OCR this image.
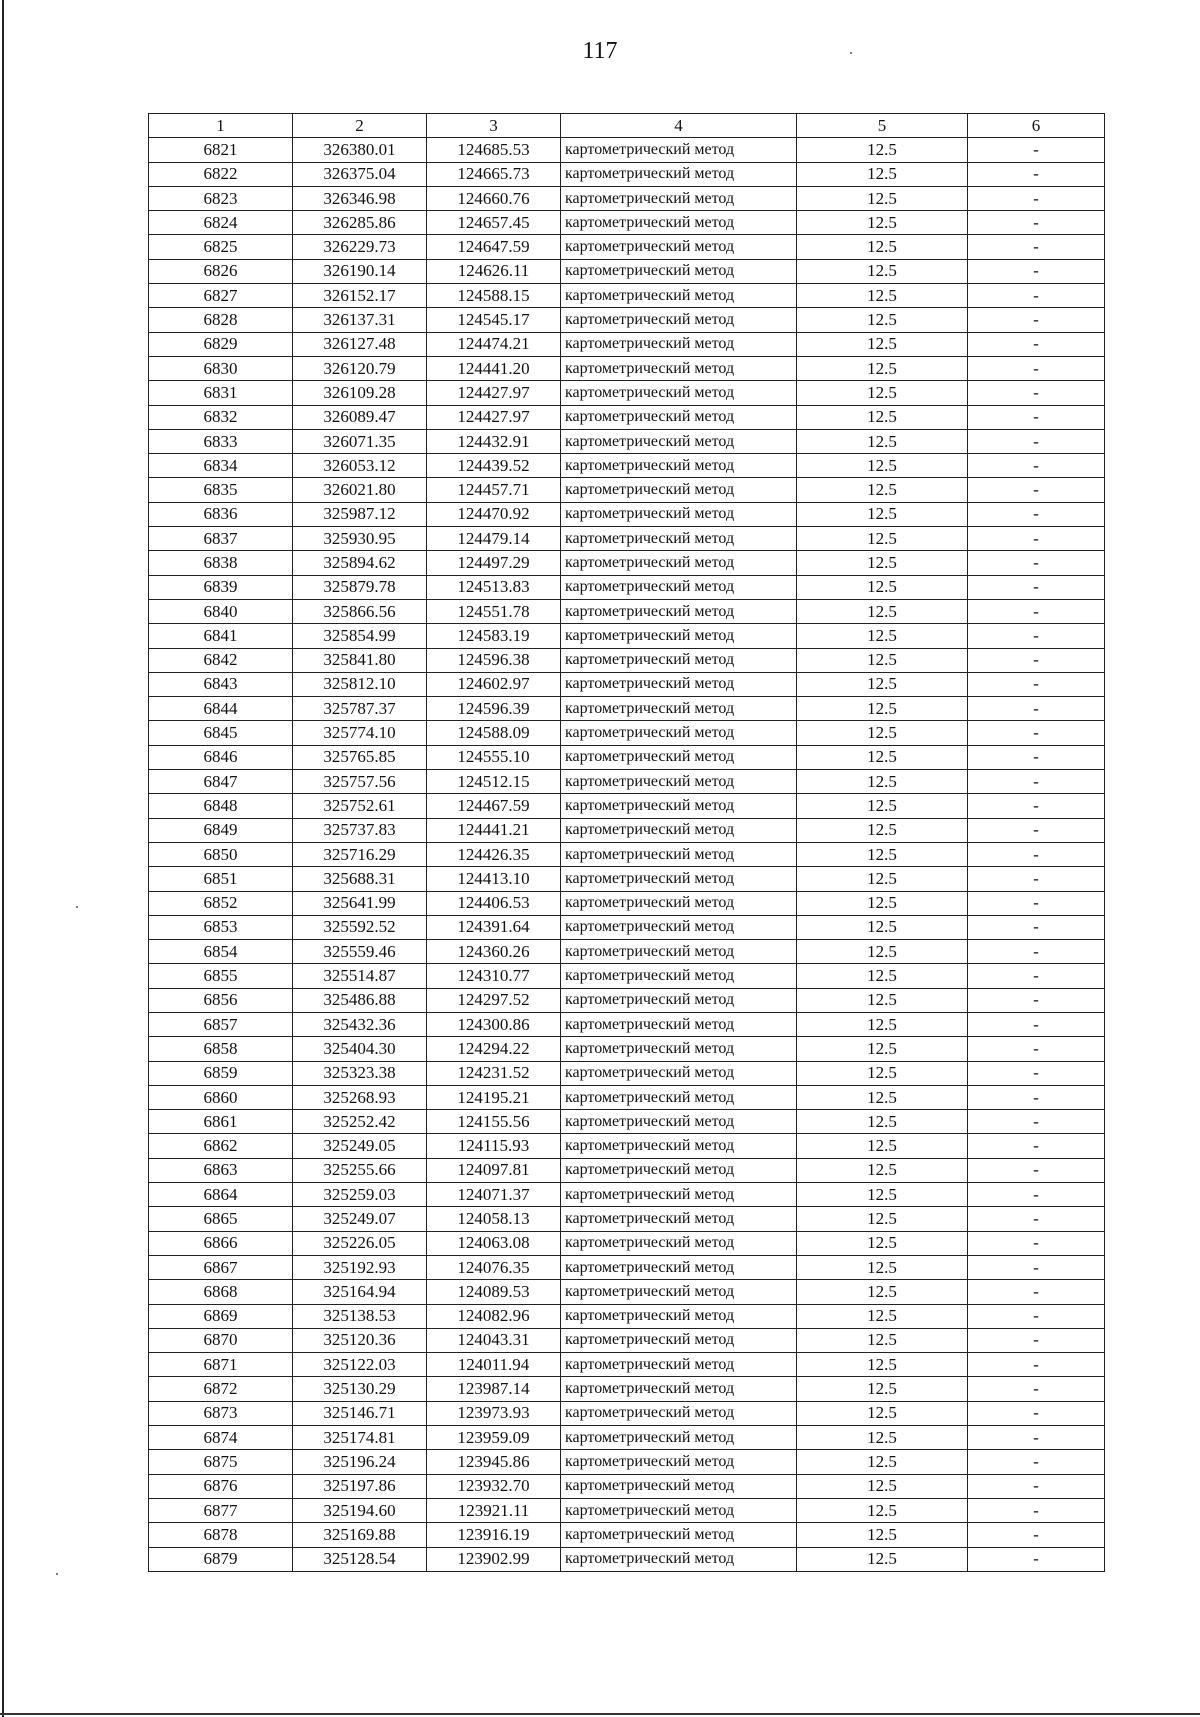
117
1	2	3	4	5	6
6821	326380.01	124685.53	картометрический метод	12.5	-
6822	326375.04	124665.73	картометрический метод	12.5	-
6823	326346.98	124660.76	картометрический метод	12.5	-
6824	326285.86	124657.45	картометрический метод	12.5	-
6825	326229.73	124647.59	картометрический метод	12.5	-
6826	326190.14	124626.11	картометрический метод	12.5	-
6827	326152.17	124588.15	картометрический метод	12.5	-
6828	326137.31	124545.17	картометрический метод	12.5	-
6829	326127.48	124474.21	картометрический метод	12.5	-
6830	326120.79	124441.20	картометрический метод	12.5	-
6831	326109.28	124427.97	картометрический метод	12.5	-
6832	326089.47	124427.97	картометрический метод	12.5	-
6833	326071.35	124432.91	картометрический метод	12.5	-
6834	326053.12	124439.52	картометрический метод	12.5	-
6835	326021.80	124457.71	картометрический метод	12.5	-
6836	325987.12	124470.92	картометрический метод	12.5	-
6837	325930.95	124479.14	картометрический метод	12.5	-
6838	325894.62	124497.29	картометрический метод	12.5	-
6839	325879.78	124513.83	картометрический метод	12.5	-
6840	325866.56	124551.78	картометрический метод	12.5	-
6841	325854.99	124583.19	картометрический метод	12.5	-
6842	325841.80	124596.38	картометрический метод	12.5	-
6843	325812.10	124602.97	картометрический метод	12.5	-
6844	325787.37	124596.39	картометрический метод	12.5	-
6845	325774.10	124588.09	картометрический метод	12.5	-
6846	325765.85	124555.10	картометрический метод	12.5	-
6847	325757.56	124512.15	картометрический метод	12.5	-
6848	325752.61	124467.59	картометрический метод	12.5	-
6849	325737.83	124441.21	картометрический метод	12.5	-
6850	325716.29	124426.35	картометрический метод	12.5	-
6851	325688.31	124413.10	картометрический метод	12.5	-
6852	325641.99	124406.53	картометрический метод	12.5	-
6853	325592.52	124391.64	картометрический метод	12.5	-
6854	325559.46	124360.26	картометрический метод	12.5	-
6855	325514.87	124310.77	картометрический метод	12.5	-
6856	325486.88	124297.52	картометрический метод	12.5	-
6857	325432.36	124300.86	картометрический метод	12.5	-
6858	325404.30	124294.22	картометрический метод	12.5	-
6859	325323.38	124231.52	картометрический метод	12.5	-
6860	325268.93	124195.21	картометрический метод	12.5	-
6861	325252.42	124155.56	картометрический метод	12.5	-
6862	325249.05	124115.93	картометрический метод	12.5	-
6863	325255.66	124097.81	картометрический метод	12.5	-
6864	325259.03	124071.37	картометрический метод	12.5	-
6865	325249.07	124058.13	картометрический метод	12.5	-
6866	325226.05	124063.08	картометрический метод	12.5	-
6867	325192.93	124076.35	картометрический метод	12.5	-
6868	325164.94	124089.53	картометрический метод	12.5	-
6869	325138.53	124082.96	картометрический метод	12.5	-
6870	325120.36	124043.31	картометрический метод	12.5	-
6871	325122.03	124011.94	картометрический метод	12.5	-
6872	325130.29	123987.14	картометрический метод	12.5	-
6873	325146.71	123973.93	картометрический метод	12.5	-
6874	325174.81	123959.09	картометрический метод	12.5	-
6875	325196.24	123945.86	картометрический метод	12.5	-
6876	325197.86	123932.70	картометрический метод	12.5	-
6877	325194.60	123921.11	картометрический метод	12.5	-
6878	325169.88	123916.19	картометрический метод	12.5	-
6879	325128.54	123902.99	картометрический метод	12.5	-
